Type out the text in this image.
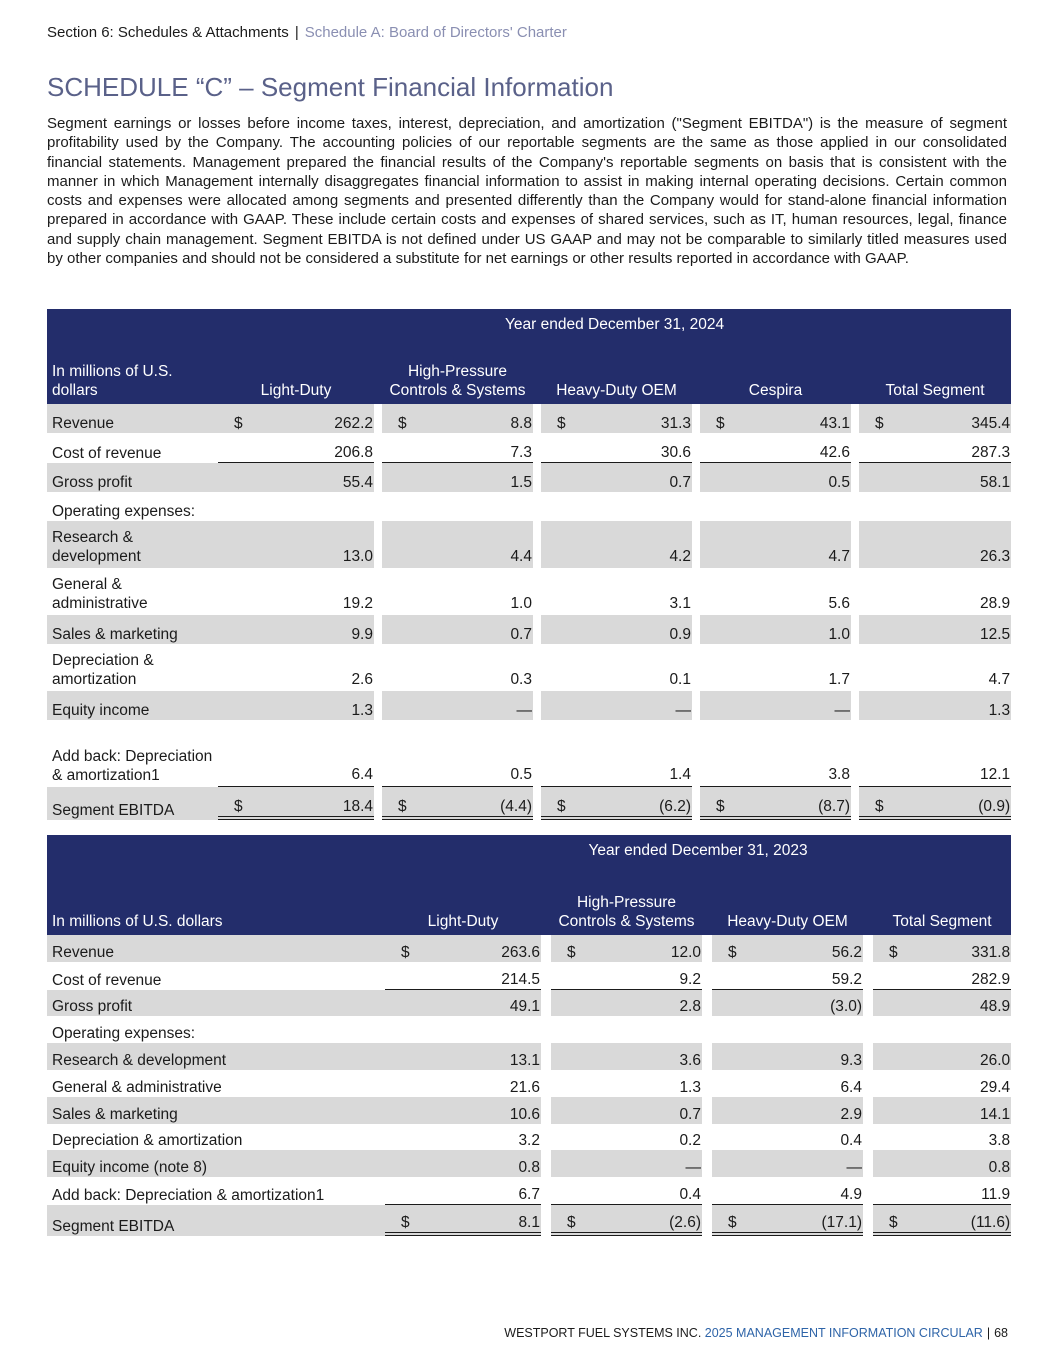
Section 6: Schedules & Attachments | Schedule A: Board of Directors' Charter
SCHEDULE “C” – Segment Financial Information

Segment earnings or losses before income taxes, interest, depreciation, and amortization ("Segment EBITDA") is the measure of segment profitability used by the Company. The accounting policies of our reportable segments are the same as those applied in our consolidated financial statements. Management prepared the financial results of the Company's reportable segments on basis that is consistent with the manner in which Management internally disaggregates financial information to assist in making internal operating decisions. Certain common costs and expenses were allocated among segments and presented differently than the Company would for stand-alone financial information prepared in accordance with GAAP. These include certain costs and expenses of shared services, such as IT, human resources, legal, finance and supply chain management. Segment EBITDA is not defined under US GAAP and may not be comparable to similarly titled measures used by other companies and should not be considered a substitute for net earnings or other results reported in accordance with GAAP.

	Year ended December 31, 2024													
In millions of U.S. dollars	Light-Duty			High-Pressure Controls & Systems			Heavy-Duty OEM			Cespira			Total Segment	
Revenue	$	262.2		$	8.8		$	31.3		$	43.1		$	345.4
Cost of revenue		206.8			7.3			30.6			42.6			287.3
Gross profit		55.4			1.5			0.7			0.5			58.1
Operating expenses:														
Research & development		13.0			4.4			4.2			4.7			26.3
General & administrative		19.2			1.0			3.1			5.6			28.9
Sales & marketing		9.9			0.7			0.9			1.0			12.5
Depreciation & amortization		2.6			0.3			0.1			1.7			4.7
Equity income		1.3			—			—			—			1.3
Add back: Depreciation & amortization1		6.4			0.5			1.4			3.8			12.1
Segment EBITDA	$	18.4		$	(4.4)		$	(6.2)		$	(8.7)		$	(0.9)
	Year ended December 31, 2023										
In millions of U.S. dollars	Light-Duty			High-Pressure Controls & Systems			Heavy-Duty OEM			Total Segment	
Revenue	$	263.6		$	12.0		$	56.2		$	331.8
Cost of revenue		214.5			9.2			59.2			282.9
Gross profit		49.1			2.8			(3.0)			48.9
Operating expenses:											
Research & development		13.1			3.6			9.3			26.0
General & administrative		21.6			1.3			6.4			29.4
Sales & marketing		10.6			0.7			2.9			14.1
Depreciation & amortization		3.2			0.2			0.4			3.8
Equity income (note 8)		0.8			—			—			0.8
Add back: Depreciation & amortization1		6.7			0.4			4.9			11.9
Segment EBITDA	$	8.1		$	(2.6)		$	(17.1)		$	(11.6)
WESTPORT FUEL SYSTEMS INC. 2025 MANAGEMENT INFORMATION CIRCULAR | 68
